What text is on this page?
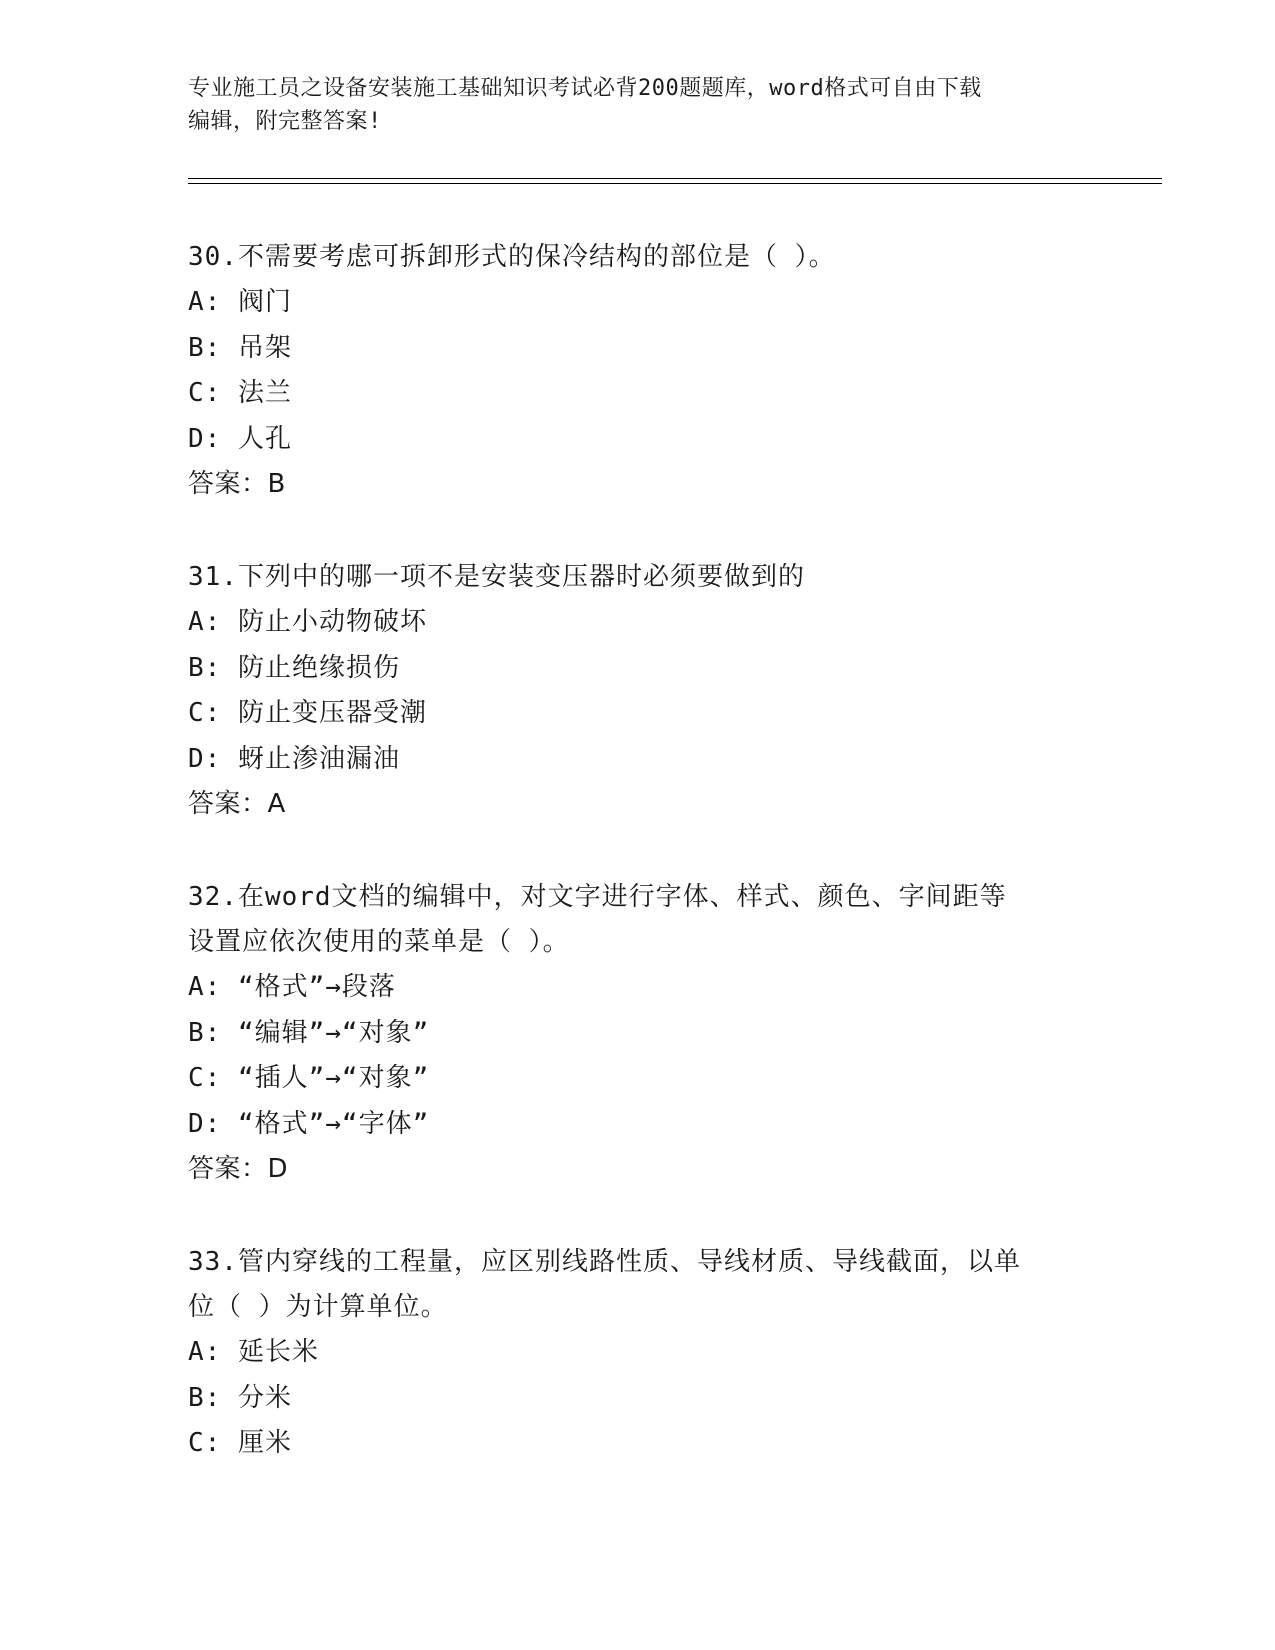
专业施工员之设备安装施工基础知识考试必背200题题库，word格式可自由下载
编辑，附完整答案!
30.不需要考虑可拆卸形式的保冷结构的部位是（ ）。
A: 阀门
B: 吊架
C: 法兰
D: 人孔
答案：B
31.下列中的哪一项不是安装变压器时必须要做到的
A: 防止小动物破坏
B: 防止绝缘损伤
C: 防止变压器受潮
D: 蚜止渗油漏油
答案：A
32.在word文档的编辑中，对文字进行字体、样式、颜色、字间距等
设置应依次使用的菜单是（ ）。
A: “格式”→段落
B: “编辑”→“对象”
C: “插人”→“对象”
D: “格式”→“字体”
答案：D
33.管内穿线的工程量，应区别线路性质、导线材质、导线截面，以单
位（ ）为计算单位。
A: 延长米
B: 分米
C: 厘米
